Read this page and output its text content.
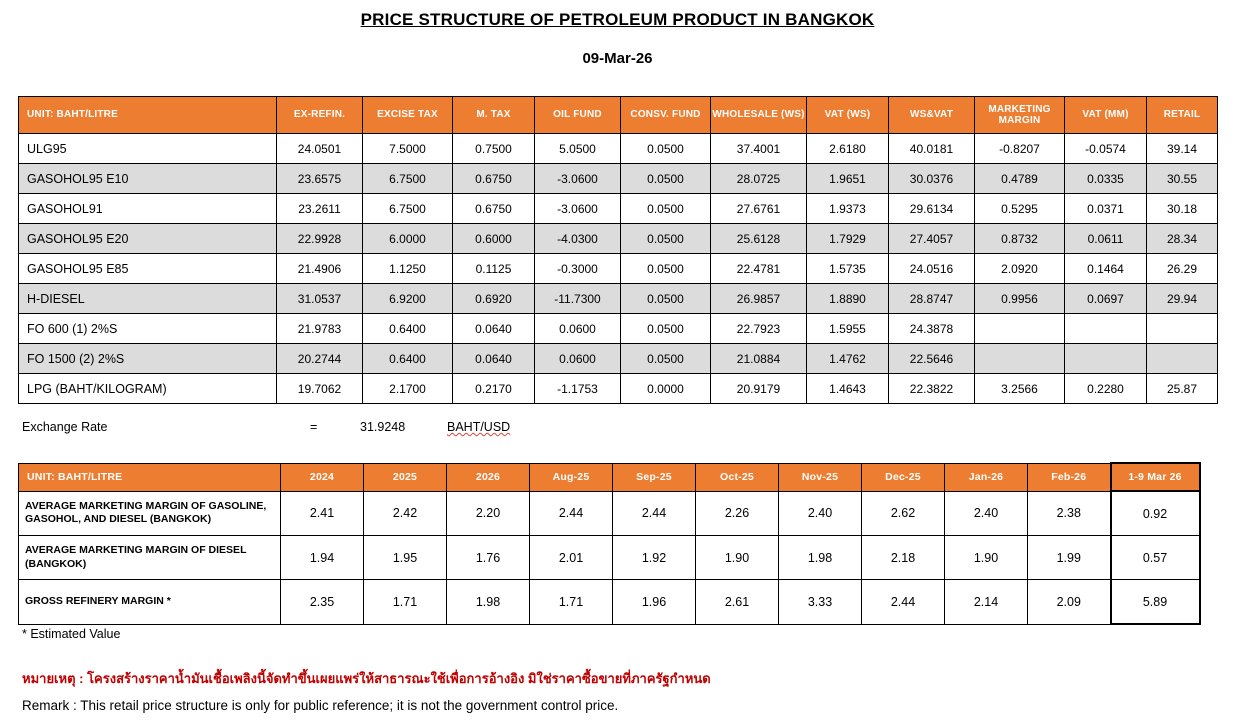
PRICE STRUCTURE OF PETROLEUM PRODUCT IN BANGKOK
09-Mar-26
UNIT: BAHT/LITRE	EX-REFIN.	EXCISE TAX	M. TAX	OIL FUND	CONSV. FUND	WHOLESALE (WS)	VAT (WS)	WS&VAT	MARKETING MARGIN	VAT (MM)	RETAIL
ULG95	24.0501	7.5000	0.7500	5.0500	0.0500	37.4001	2.6180	40.0181	-0.8207	-0.0574	39.14
GASOHOL95 E10	23.6575	6.7500	0.6750	-3.0600	0.0500	28.0725	1.9651	30.0376	0.4789	0.0335	30.55
GASOHOL91	23.2611	6.7500	0.6750	-3.0600	0.0500	27.6761	1.9373	29.6134	0.5295	0.0371	30.18
GASOHOL95 E20	22.9928	6.0000	0.6000	-4.0300	0.0500	25.6128	1.7929	27.4057	0.8732	0.0611	28.34
GASOHOL95 E85	21.4906	1.1250	0.1125	-0.3000	0.0500	22.4781	1.5735	24.0516	2.0920	0.1464	26.29
H-DIESEL	31.0537	6.9200	0.6920	-11.7300	0.0500	26.9857	1.8890	28.8747	0.9956	0.0697	29.94
FO 600 (1) 2%S	21.9783	0.6400	0.0640	0.0600	0.0500	22.7923	1.5955	24.3878			
FO 1500 (2) 2%S	20.2744	0.6400	0.0640	0.0600	0.0500	21.0884	1.4762	22.5646			
LPG (BAHT/KILOGRAM)	19.7062	2.1700	0.2170	-1.1753	0.0000	20.9179	1.4643	22.3822	3.2566	0.2280	25.87
Exchange Rate	=	31.9248	BAHT/USD
UNIT: BAHT/LITRE	2024	2025	2026	Aug-25	Sep-25	Oct-25	Nov-25	Dec-25	Jan-26	Feb-26	1-9 Mar 26
AVERAGE MARKETING MARGIN OF GASOLINE, GASOHOL, AND DIESEL (BANGKOK)	2.41	2.42	2.20	2.44	2.44	2.26	2.40	2.62	2.40	2.38	0.92
AVERAGE MARKETING MARGIN OF DIESEL (BANGKOK)	1.94	1.95	1.76	2.01	1.92	1.90	1.98	2.18	1.90	1.99	0.57
GROSS REFINERY MARGIN *	2.35	1.71	1.98	1.71	1.96	2.61	3.33	2.44	2.14	2.09	5.89
* Estimated Value
หมายเหตุ : โครงสร้างราคาน้ำมันเชื้อเพลิงนี้จัดทำขึ้นเผยแพร่ให้สาธารณะใช้เพื่อการอ้างอิง มิใช่ราคาซื้อขายที่ภาครัฐกำหนด
Remark : This retail price structure is only for public reference; it is not the government control price.
